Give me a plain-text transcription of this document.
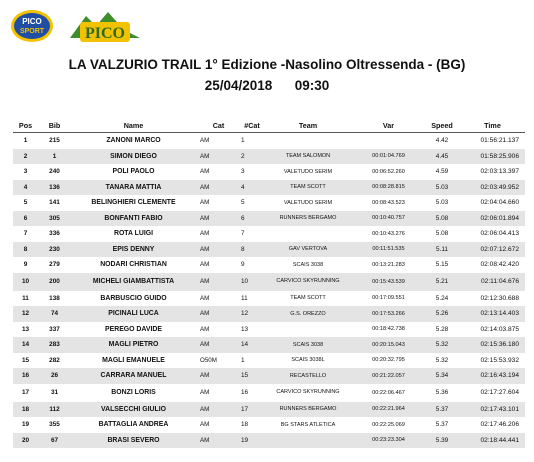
PICO
SPORT	PICO
LA VALZURIO TRAIL 1° Edizione -Nasolino Oltressenda - (BG)
25/04/2018      09:30
Pos	Bib	Name	Cat	#Cat	Team	Var	Speed	Time
1	215	ZANONI MARCO	AM	1			4.42	01:56:21.137
2	1	SIMON DIEGO	AM	2	TEAM SALOMON	00:01:04.769	4.45	01:58:25.906
3	240	POLI PAOLO	AM	3	VALETUDO SERIM	00:06:52.260	4.59	02:03:13.397
4	136	TANARA MATTIA	AM	4	TEAM SCOTT	00:08:28.815	5.03	02:03:49.952
5	141	BELINGHIERI CLEMENTE	AM	5	VALETUDO SERIM	00:08:43.523	5.03	02:04:04.660
6	305	BONFANTI FABIO	AM	6	RUNNERS BERGAMO	00:10:40.757	5.08	02:06:01.894
7	336	ROTA LUIGI	AM	7		00:10:43.276	5.08	02:06:04.413
8	230	EPIS DENNY	AM	8	GAV VERTOVA	00:11:51.535	5.11	02:07:12.672
9	279	NODARI CHRISTIAN	AM	9	SCAIS 3038	00:13:21.283	5.15	02:08:42.420
10	200	MICHELI GIAMBATTISTA	AM	10	CARVICO SKYRUNNING	00:15:43.539	5.21	02:11:04.676
11	138	BARBUSCIO GUIDO	AM	11	TEAM SCOTT	00:17:09.551	5.24	02:12:30.688
12	74	PICINALI LUCA	AM	12	G.S. OREZZO	00:17:53.266	5.26	02:13:14.403
13	337	PEREGO DAVIDE	AM	13		00:18:42.738	5.28	02:14:03.875
14	283	MAGLI PIETRO	AM	14	SCAIS 3038	00:20:15.043	5.32	02:15:36.180
15	282	MAGLI EMANUELE	O50M	1	SCAIS 3038L	00:20:32.795	5.32	02:15:53.932
16	26	CARRARA MANUEL	AM	15	RECASTELLO	00:21:22.057	5.34	02:16:43.194
17	31	BONZI LORIS	AM	16	CARVICO SKYRUNNING	00:22:06.467	5.36	02:17:27.604
18	112	VALSECCHI GIULIO	AM	17	RUNNERS BERGAMO	00:22:21.964	5.37	02:17:43.101
19	355	BATTAGLIA ANDREA	AM	18	BG STARS ATLETICA	00:22:25.069	5.37	02:17:46.206
20	67	BRASI SEVERO	AM	19		00:23:23.304	5.39	02:18:44.441
